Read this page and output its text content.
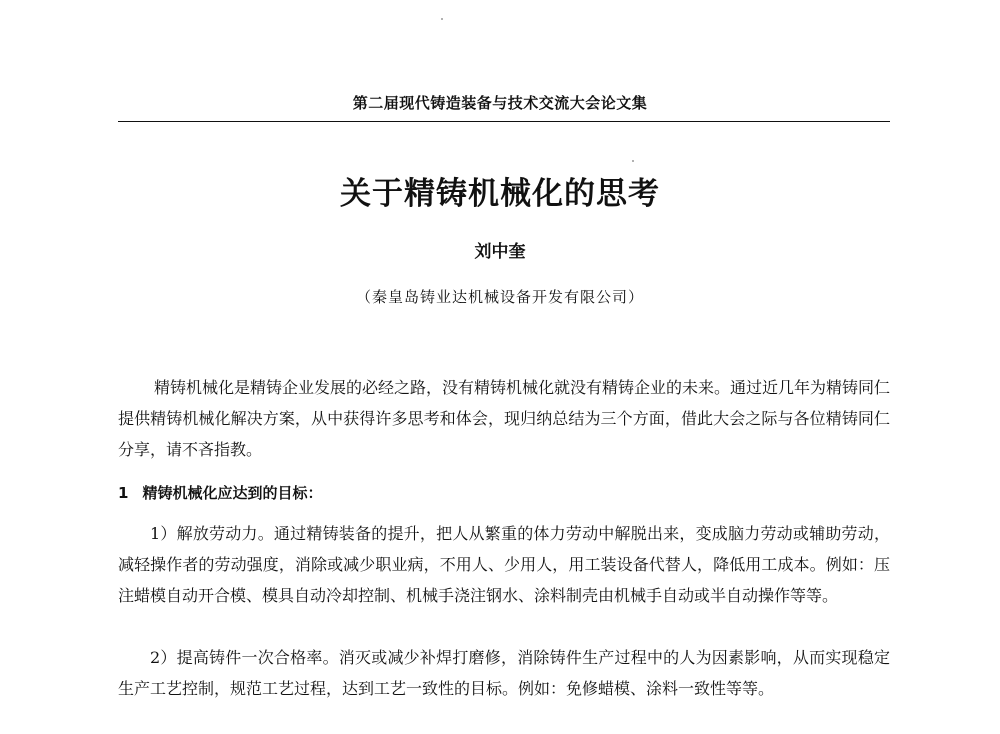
第二届现代铸造装备与技术交流大会论文集
关于精铸机械化的思考
刘中奎
（秦皇岛铸业达机械设备开发有限公司）

精铸机械化是精铸企业发展的必经之路，没有精铸机械化就没有精铸企业的未来。通过近几年为精铸同仁提供精铸机械化解决方案，从中获得许多思考和体会，现归纳总结为三个方面，借此大会之际与各位精铸同仁分享，请不吝指教。

1 精铸机械化应达到的目标：

1）解放劳动力。通过精铸装备的提升，把人从繁重的体力劳动中解脱出来，变成脑力劳动或辅助劳动，减轻操作者的劳动强度，消除或减少职业病，不用人、少用人，用工装设备代替人，降低用工成本。例如：压注蜡模自动开合模、模具自动冷却控制、机械手浇注钢水、涂料制壳由机械手自动或半自动操作等等。

2）提高铸件一次合格率。消灭或减少补焊打磨修，消除铸件生产过程中的人为因素影响，从而实现稳定生产工艺控制，规范工艺过程，达到工艺一致性的目标。例如：免修蜡模、涂料一致性等等。
